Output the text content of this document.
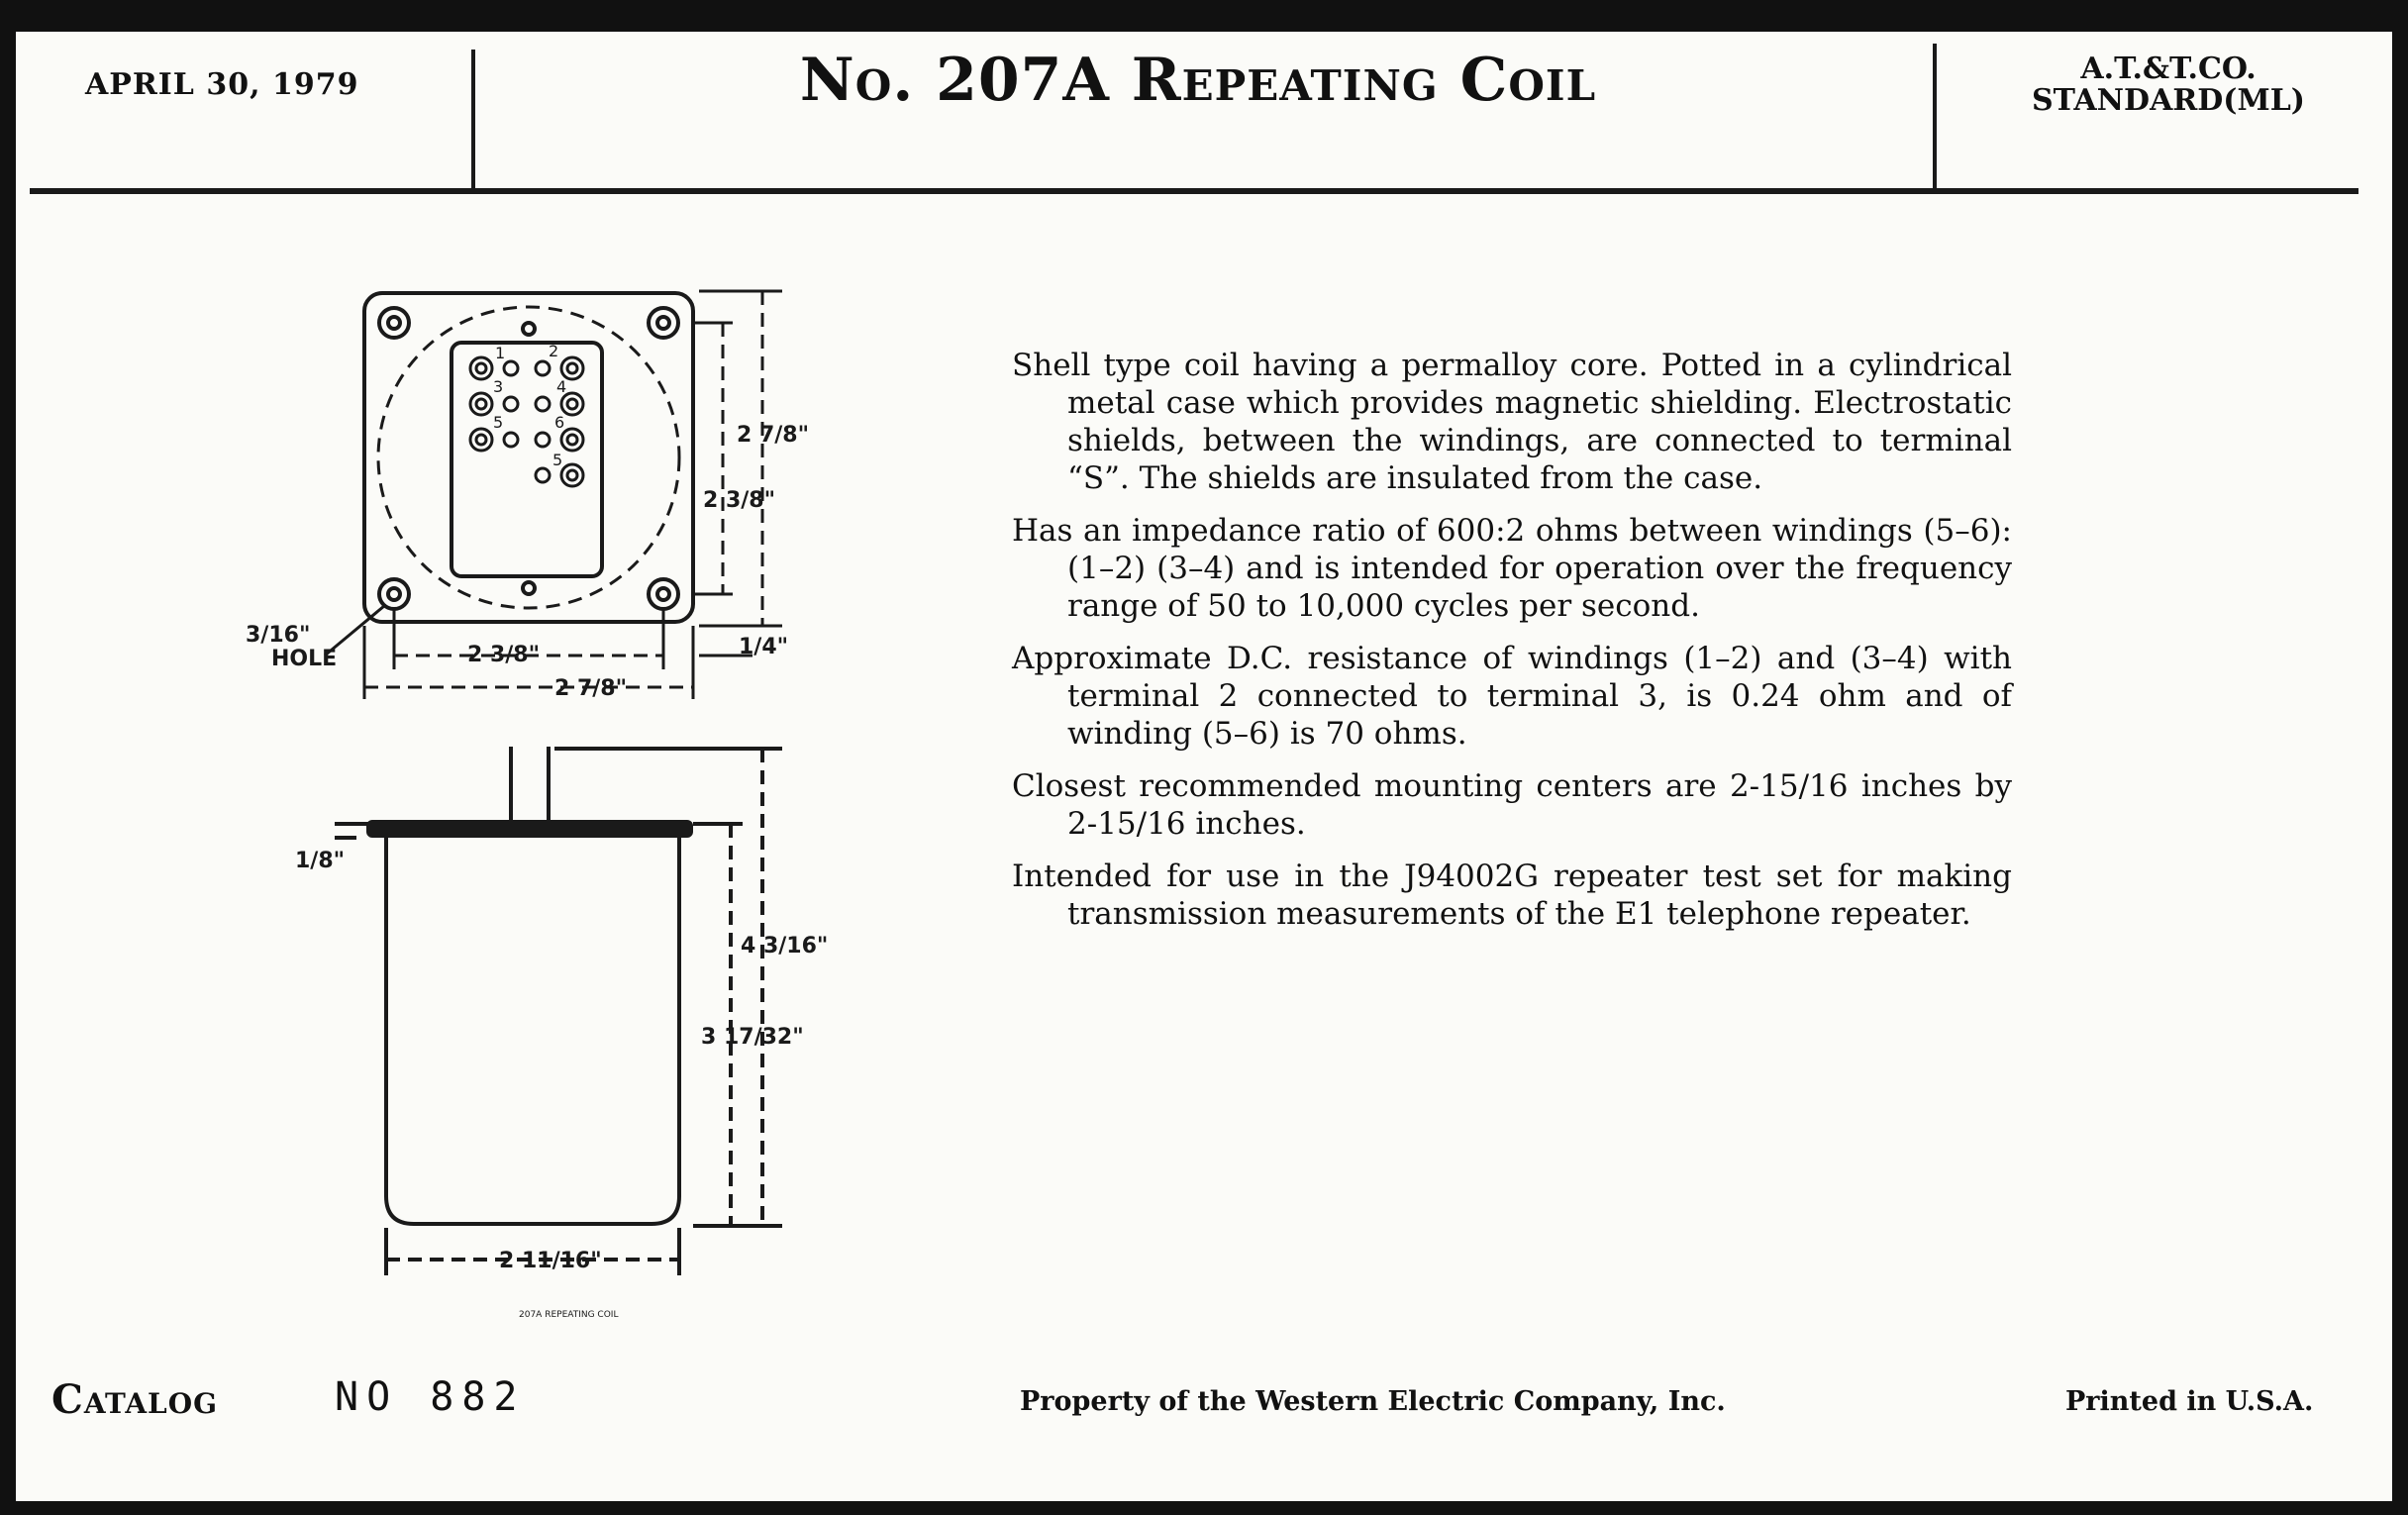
APRIL 30, 1979	No. 207A Repeating Coil	A.T.&T.CO.
STANDARD(ML)
1	2
3	4
5	6
5
2 7/8"
2 3/8"
2 3/8"
2 7/8"
1/4"
3/16"
HOLE
4 3/16"
3 17/32"
1/8"
2 11/16"
207A REPEATING COIL

Shell type coil having a permalloy core. Potted in a cylindrical metal case which provides magnetic shielding. Electrostatic shields, between the windings, are connected to terminal “S”. The shields are insulated from the case.

Has an impedance ratio of 600:2 ohms between windings (5–6): (1–2) (3–4) and is intended for operation over the frequency range of 50 to 10,000 cycles per second.

Approximate D.C. resistance of windings (1–2) and (3–4) with terminal 2 connected to terminal 3, is 0.24 ohm and of winding (5–6) is 70 ohms.

Closest recommended mounting centers are 2-15/16 inches by 2-15/16 inches.

Intended for use in the J94002G repeater test set for making transmission measurements of the E1 telephone repeater.

Catalog	NO 882	Property of the Western Electric Company, Inc.	Printed in U.S.A.
